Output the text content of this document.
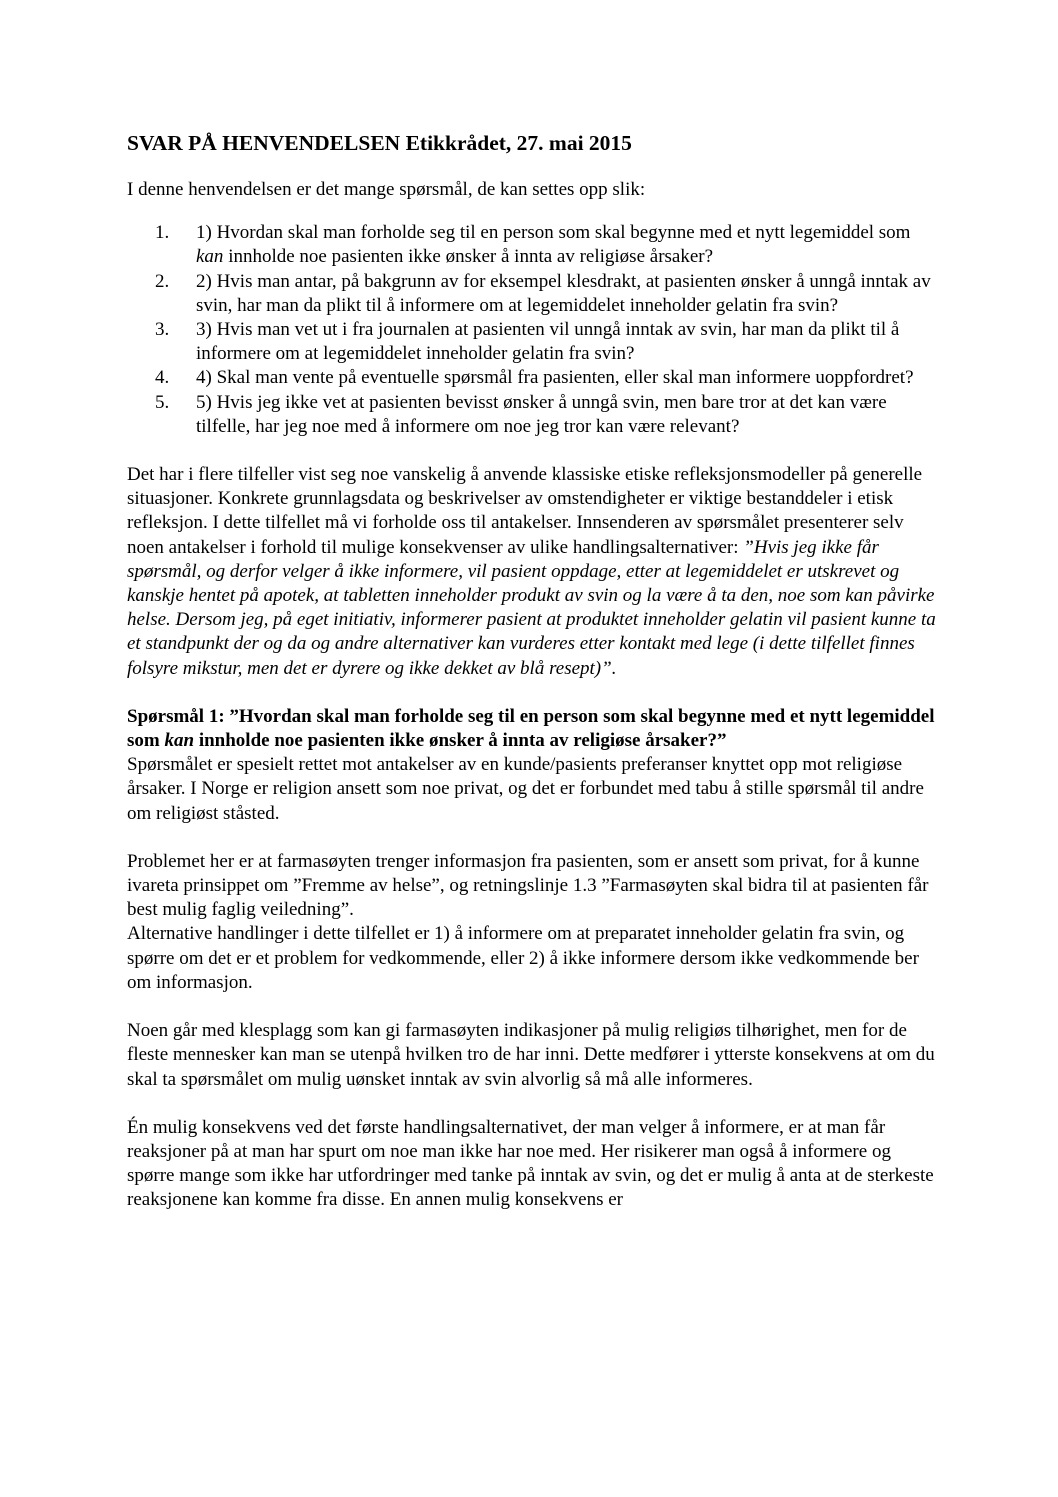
SVAR PÅ HENVENDELSEN Etikkrådet, 27. mai 2015

I denne henvendelsen er det mange spørsmål, de kan settes opp slik:

1. 1) Hvordan skal man forholde seg til en person som skal begynne med et nytt legemiddel som kan innholde noe pasienten ikke ønsker å innta av religiøse årsaker?
2. 2) Hvis man antar, på bakgrunn av for eksempel klesdrakt, at pasienten ønsker å unngå inntak av svin, har man da plikt til å informere om at legemiddelet inneholder gelatin fra svin?
3. 3) Hvis man vet ut i fra journalen at pasienten vil unngå inntak av svin, har man da plikt til å informere om at legemiddelet inneholder gelatin fra svin?
4. 4) Skal man vente på eventuelle spørsmål fra pasienten, eller skal man informere uoppfordret?
5. 5) Hvis jeg ikke vet at pasienten bevisst ønsker å unngå svin, men bare tror at det kan være tilfelle, har jeg noe med å informere om noe jeg tror kan være relevant?

Det har i flere tilfeller vist seg noe vanskelig å anvende klassiske etiske refleksjonsmodeller på generelle situasjoner. Konkrete grunnlagsdata og beskrivelser av omstendigheter er viktige bestanddeler i etisk refleksjon. I dette tilfellet må vi forholde oss til antakelser. Innsenderen av spørsmålet presenterer selv noen antakelser i forhold til mulige konsekvenser av ulike handlingsalternativer: ”Hvis jeg ikke får spørsmål, og derfor velger å ikke informere, vil pasient oppdage, etter at legemiddelet er utskrevet og kanskje hentet på apotek, at tabletten inneholder produkt av svin og la være å ta den, noe som kan påvirke helse. Dersom jeg, på eget initiativ, informerer pasient at produktet inneholder gelatin vil pasient kunne ta et standpunkt der og da og andre alternativer kan vurderes etter kontakt med lege (i dette tilfellet finnes folsyre mikstur, men det er dyrere og ikke dekket av blå resept)”.

Spørsmål 1: ”Hvordan skal man forholde seg til en person som skal begynne med et nytt legemiddel som kan innholde noe pasienten ikke ønsker å innta av religiøse årsaker?”
Spørsmålet er spesielt rettet mot antakelser av en kunde/pasients preferanser knyttet opp mot religiøse årsaker. I Norge er religion ansett som noe privat, og det er forbundet med tabu å stille spørsmål til andre om religiøst ståsted.

Problemet her er at farmasøyten trenger informasjon fra pasienten, som er ansett som privat, for å kunne ivareta prinsippet om ”Fremme av helse”, og retningslinje 1.3 ”Farmasøyten skal bidra til at pasienten får best mulig faglig veiledning”.

Alternative handlinger i dette tilfellet er 1) å informere om at preparatet inneholder gelatin fra svin, og spørre om det er et problem for vedkommende, eller 2) å ikke informere dersom ikke vedkommende ber om informasjon.

Noen går med klesplagg som kan gi farmasøyten indikasjoner på mulig religiøs tilhørighet, men for de fleste mennesker kan man se utenpå hvilken tro de har inni. Dette medfører i ytterste konsekvens at om du skal ta spørsmålet om mulig uønsket inntak av svin alvorlig så må alle informeres.

Én mulig konsekvens ved det første handlingsalternativet, der man velger å informere, er at man får reaksjoner på at man har spurt om noe man ikke har noe med. Her risikerer man også å informere og spørre mange som ikke har utfordringer med tanke på inntak av svin, og det er mulig å anta at de sterkeste reaksjonene kan komme fra disse. En annen mulig konsekvens er
